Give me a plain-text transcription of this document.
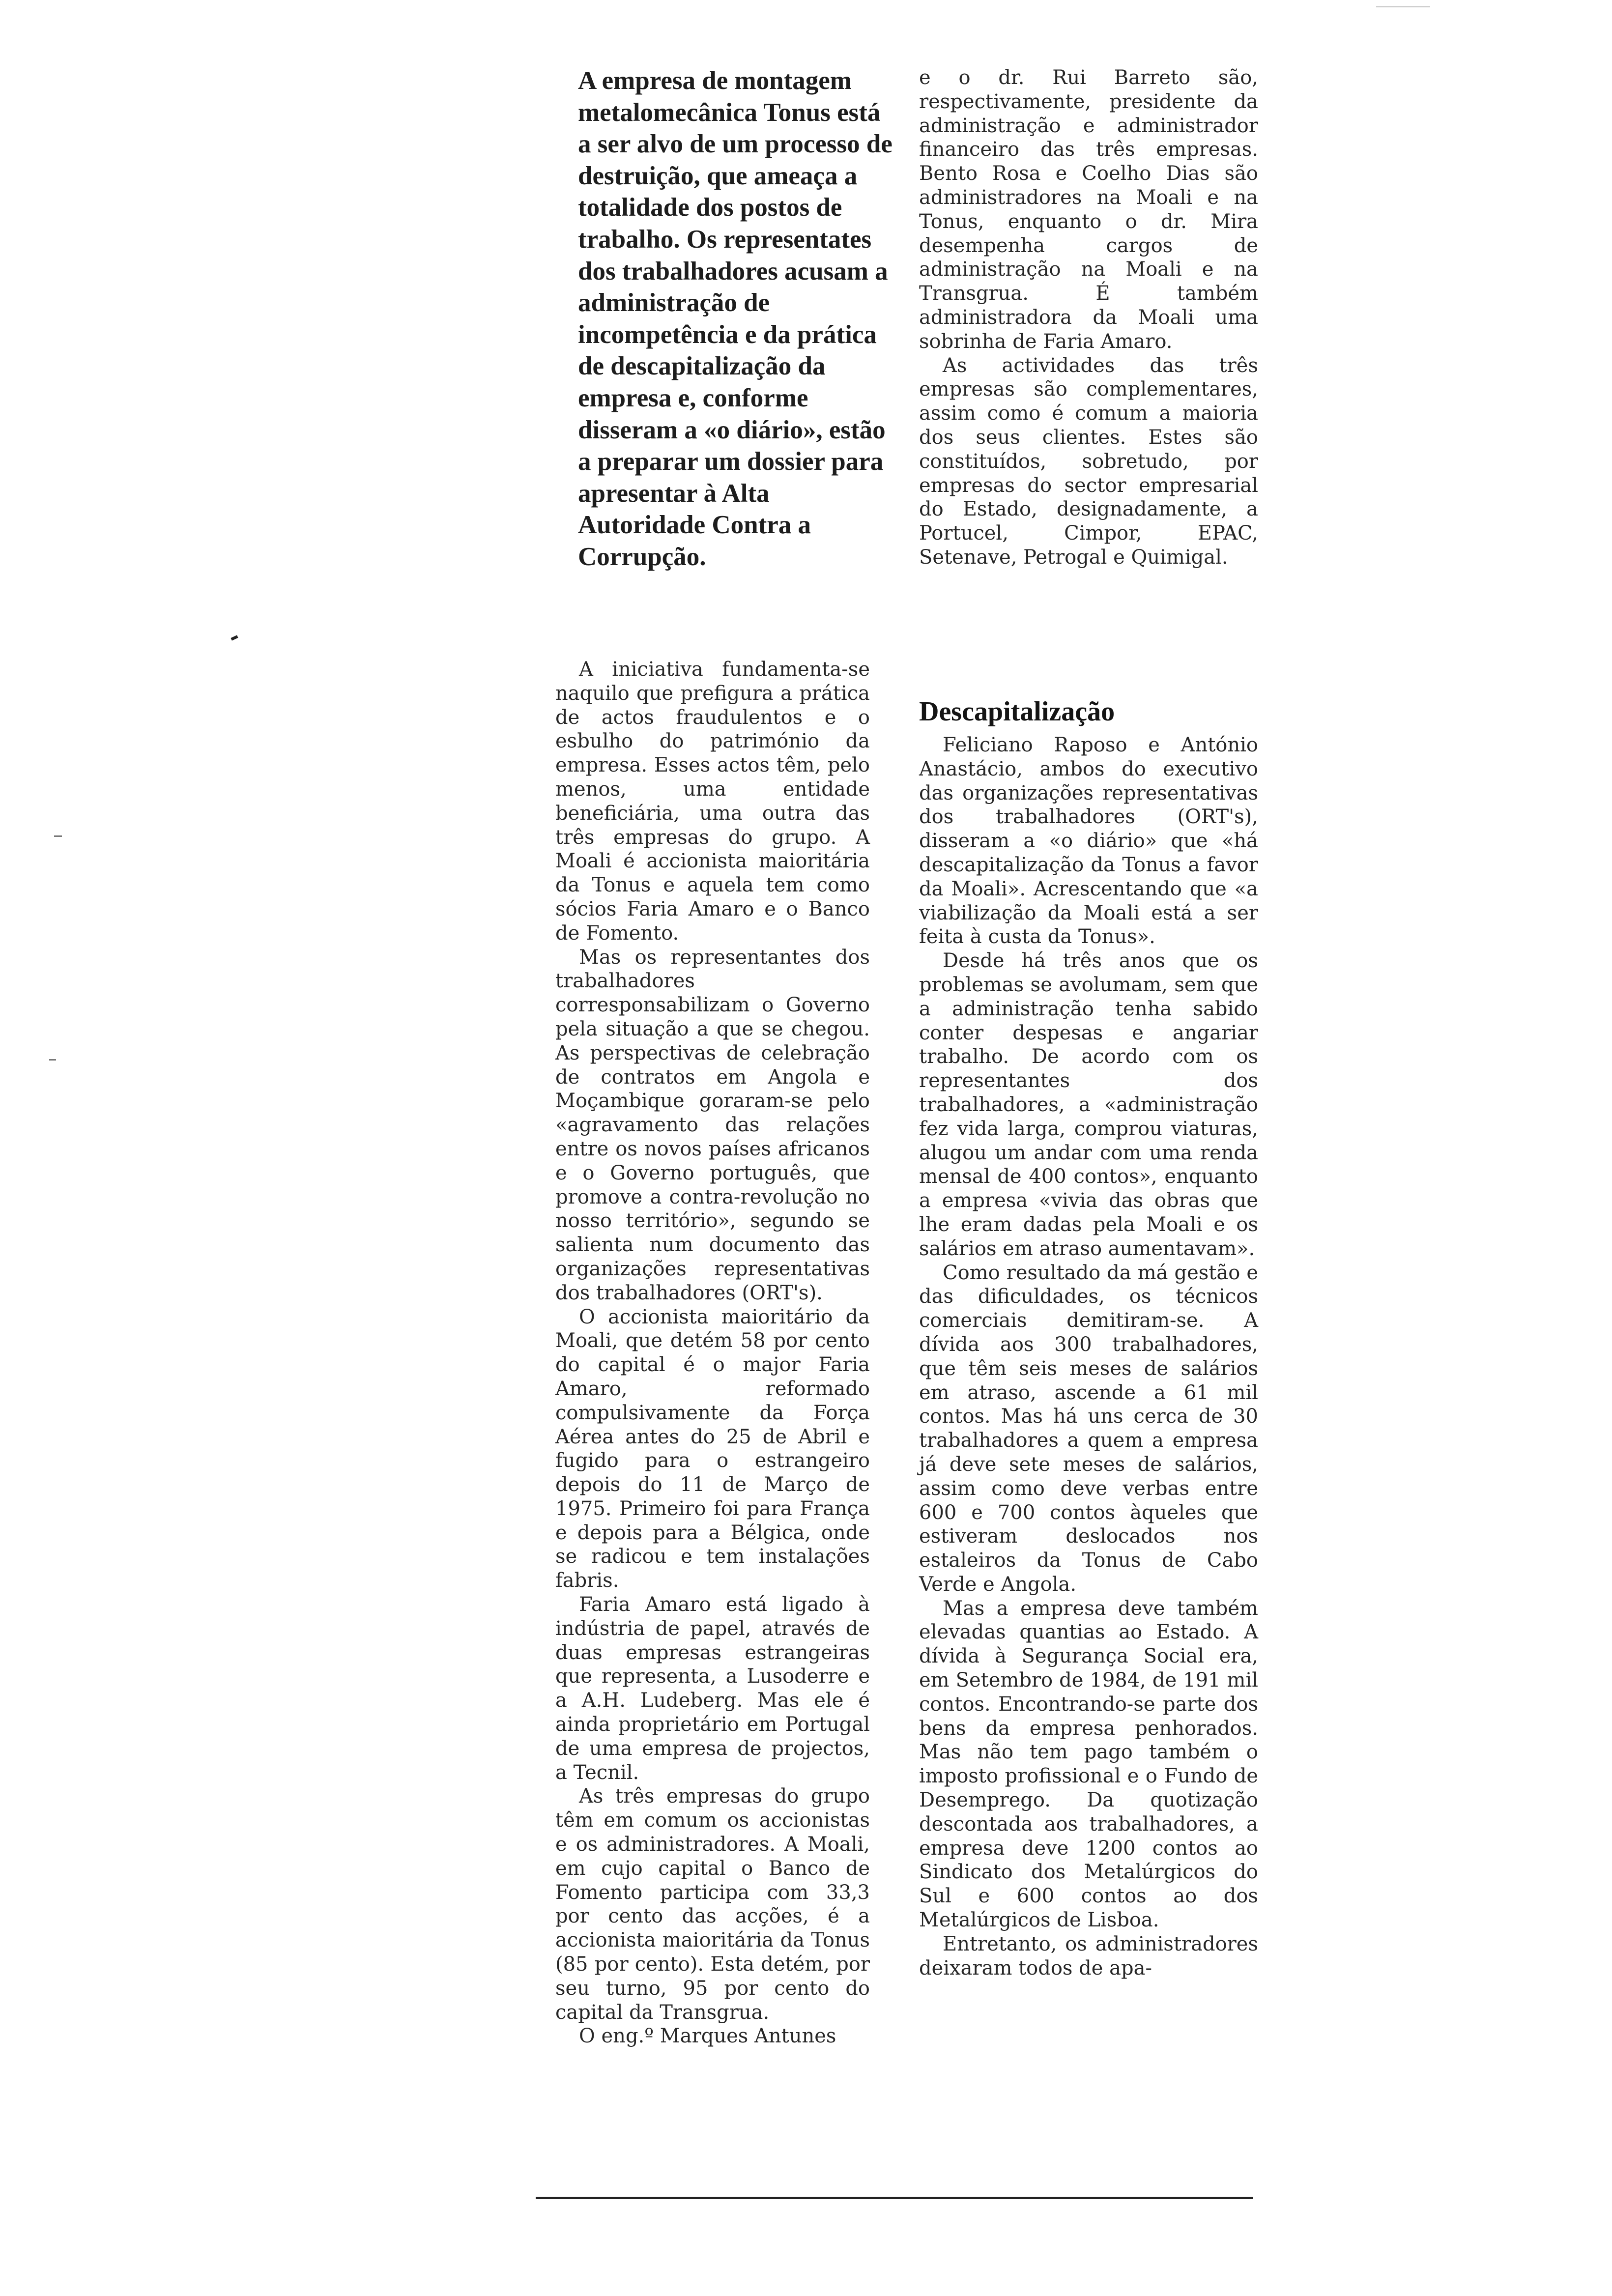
A empresa de montagem metalomecânica Tonus está a ser alvo de um processo de destruição, que ameaça a totalidade dos postos de trabalho. Os representates dos trabalhadores acusam a administração de incompetência e da prática de descapitalização da empresa e, conforme disseram a «o diário», estão a preparar um dossier para apresentar à Alta Autoridade Contra a Corrupção.

A iniciativa fundamenta-se naquilo que prefigura a prática de actos fraudulentos e o esbulho do património da empresa. Esses actos têm, pelo menos, uma entidade beneficiária, uma outra das três empresas do grupo. A Moali é accionista maioritária da Tonus e aquela tem como sócios Faria Amaro e o Banco de Fomento.

Mas os representantes dos trabalhadores corresponsabilizam o Governo pela situação a que se chegou. As perspectivas de celebração de contratos em Angola e Moçambique goraram-se pelo «agravamento das relações entre os novos países africanos e o Governo português, que promove a contra-revolução no nosso território», segundo se salienta num documento das organizações representativas dos trabalhadores (ORT's).

O accionista maioritário da Moali, que detém 58 por cento do capital é o major Faria Amaro, reformado compulsivamente da Força Aérea antes do 25 de Abril e fugido para o estrangeiro depois do 11 de Março de 1975. Primeiro foi para França e depois para a Bélgica, onde se radicou e tem instalações fabris.

Faria Amaro está ligado à indústria de papel, através de duas empresas estrangeiras que representa, a Lusoderre e a A.H. Ludeberg. Mas ele é ainda proprietário em Portugal de uma empresa de projectos, a Tecnil.

As três empresas do grupo têm em comum os accionistas e os administradores. A Moali, em cujo capital o Banco de Fomento participa com 33,3 por cento das acções, é a accionista maioritária da Tonus (85 por cento). Esta detém, por seu turno, 95 por cento do capital da Transgrua.

O eng.º Marques Antunes

e o dr. Rui Barreto são, respectivamente, presidente da administração e administrador financeiro das três empresas. Bento Rosa e Coelho Dias são administradores na Moali e na Tonus, enquanto o dr. Mira desempenha cargos de administração na Moali e na Transgrua. É também administradora da Moali uma sobrinha de Faria Amaro.

As actividades das três empresas são complementares, assim como é comum a maioria dos seus clientes. Estes são constituídos, sobretudo, por empresas do sector empresarial do Estado, designadamente, a Portucel, Cimpor, EPAC, Setenave, Petrogal e Quimigal.

Descapitalização

Feliciano Raposo e António Anastácio, ambos do executivo das organizações representativas dos trabalhadores (ORT's), disseram a «o diário» que «há descapitalização da Tonus a favor da Moali». Acrescentando que «a viabilização da Moali está a ser feita à custa da Tonus».

Desde há três anos que os problemas se avolumam, sem que a administração tenha sabido conter despesas e angariar trabalho. De acordo com os representantes dos trabalhadores, a «administração fez vida larga, comprou viaturas, alugou um andar com uma renda mensal de 400 contos», enquanto a empresa «vivia das obras que lhe eram dadas pela Moali e os salários em atraso aumentavam».

Como resultado da má gestão e das dificuldades, os técnicos comerciais demitiram-se. A dívida aos 300 trabalhadores, que têm seis meses de salários em atraso, ascende a 61 mil contos. Mas há uns cerca de 30 trabalhadores a quem a empresa já deve sete meses de salários, assim como deve verbas entre 600 e 700 contos àqueles que estiveram deslocados nos estaleiros da Tonus de Cabo Verde e Angola.

Mas a empresa deve também elevadas quantias ao Estado. A dívida à Segurança Social era, em Setembro de 1984, de 191 mil contos. Encontrando-se parte dos bens da empresa penhorados. Mas não tem pago também o imposto profissional e o Fundo de Desemprego. Da quotização descontada aos trabalhadores, a empresa deve 1200 contos ao Sindicato dos Metalúrgicos do Sul e 600 contos ao dos Metalúrgicos de Lisboa.

Entretanto, os administradores deixaram todos de apa-
